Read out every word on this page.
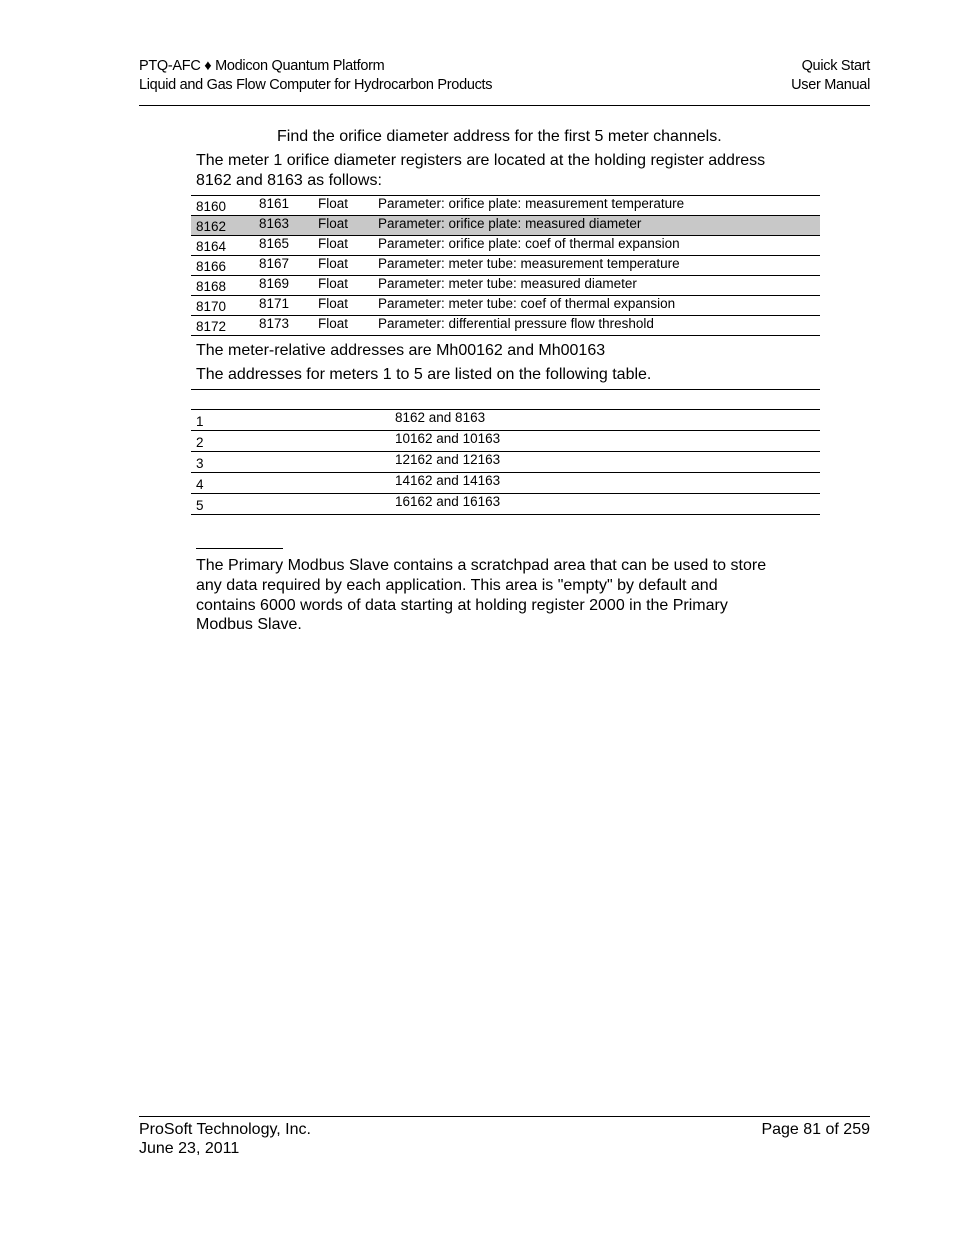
PTQ-AFC ♦ Modicon Quantum Platform
Liquid and Gas Flow Computer for Hydrocarbon Products
Quick Start
User Manual
Find the orifice diameter address for the first 5 meter channels.
The meter 1 orifice diameter registers are located at the holding register address
8162 and 8163 as follows:
8160	8161	Float	Parameter: orifice plate: measurement temperature
8162	8163	Float	Parameter: orifice plate: measured diameter
8164	8165	Float	Parameter: orifice plate: coef of thermal expansion
8166	8167	Float	Parameter: meter tube: measurement temperature
8168	8169	Float	Parameter: meter tube: measured diameter
8170	8171	Float	Parameter: meter tube: coef of thermal expansion
8172	8173	Float	Parameter: differential pressure flow threshold
The meter-relative addresses are Mh00162 and Mh00163
The addresses for meters 1 to 5 are listed on the following table.

1	8162 and 8163
2	10162 and 10163
3	12162 and 12163
4	14162 and 14163
5	16162 and 16163
The Primary Modbus Slave contains a scratchpad area that can be used to store
any data required by each application. This area is "empty" by default and
contains 6000 words of data starting at holding register 2000 in the Primary
Modbus Slave.
ProSoft Technology, Inc.
June 23, 2011
Page 81 of 259
